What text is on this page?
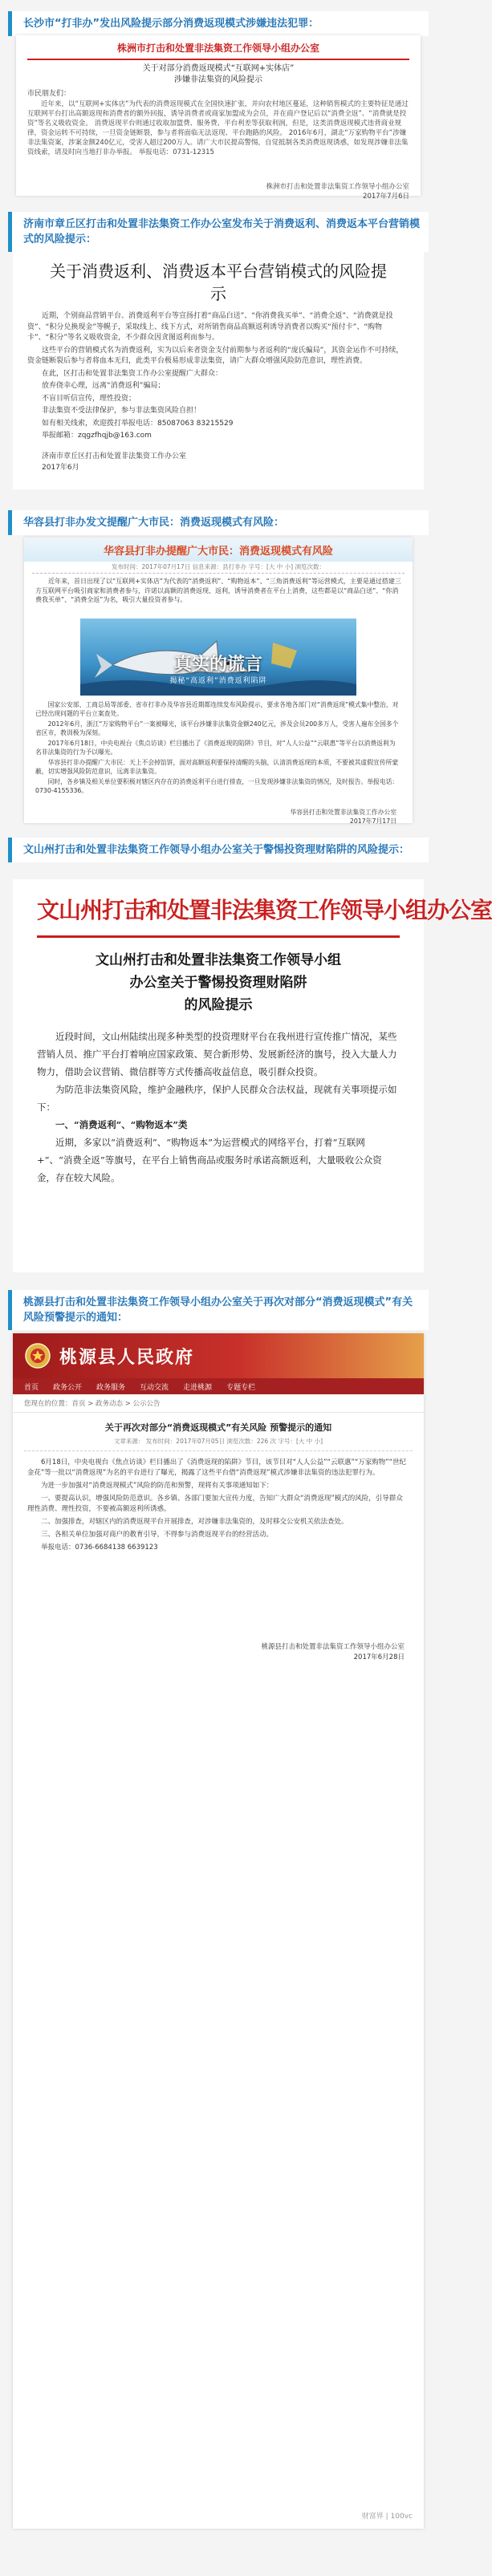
长沙市“打非办”发出风险提示部分消费返现模式涉嫌违法犯罪：
株洲市打击和处置非法集资工作领导小组办公室
关于对部分消费返现模式“互联网+实体店”
涉嫌非法集资的风险提示
市民朋友们：
近年来，以“互联网+实体店”为代表的消费返现模式在全国快速扩张，并向农村地区蔓延，这种销售模式的主要特征是通过互联网平台打出高额返现和消费者的额外回报，诱导消费者或商家加盟成为会员，并在商户登记后以“消费全返”、“消费就是投资”等名义吸收资金。 消费返现平台则通过收取加盟费、服务费、平台利差等获取利润，但是，这类消费返现模式违背商业规律，资金运转不可持续，一旦资金链断裂，参与者将面临无法返现、平台跑路的风险。 2016年6月，湖北“万家购物平台”涉嫌非法集资案，涉案金额240亿元，受害人超过200万人。请广大市民提高警惕，自觉抵制各类消费返现诱惑，如发现涉嫌非法集资线索，请及时向当地打非办举报。 举报电话：0731-12315
株洲市打击和处置非法集资工作领导小组办公室
2017年7月6日
济南市章丘区打击和处置非法集资工作办公室发布关于消费返利、消费返本平台营销模式的风险提示：
关于消费返利、消费返本平台营销模式的风险提示

近期，个别商品营销平台、消费返利平台等宣扬打着“商品白送”、“你消费我买单”、“消费全返”、“消费就是投资”、“积分兑换现金”等幌子，采取线上、线下方式，对所销售商品高额返利诱导消费者以购买“预付卡”、“购物卡”、“积分”等名义吸收资金，不少群众因贪图返利而参与。

这些平台的营销模式名为消费返利，实为以后来者资金支付前期参与者返利的“庞氏骗局”，其资金运作不可持续，资金链断裂后参与者将血本无归，此类平台极易形成非法集资，请广大群众增强风险防范意识，理性消费。

在此，区打击和处置非法集资工作办公室提醒广大群众：

放弃侥幸心理，远离“消费返利”骗局；

不盲目听信宣传，理性投资；

非法集资不受法律保护，参与非法集资风险自担！

如有相关线索，欢迎拨打举报电话：85087063 83215529

举报邮箱：zqgzfhqjb@163.com

济南市章丘区打击和处置非法集资工作办公室
2017年6月
华容县打非办发文提醒广大市民：消费返现模式有风险：
华容县打非办提醒广大市民：消费返现模式有风险
发布时间：2017年07月17日 信息来源：县打非办 字号：[大 中 小] 浏览次数：
近年来，首日出现了以“互联网+实体店”为代表的“消费返利”、“购物返本”、“三角消费返利”等运营模式，主要是通过搭建三方互联网平台吸引商家和消费者参与，许诺以高额的消费返现、返利，诱导消费者在平台上消费，这些都是以“商品白送”、“你消费我买单”、“消费全返”为名，吸引大量投资者参与。
真实的谎言
揭秘“高返利”消费返利陷阱

国家公安部、工商总局等部委、省市打非办及华容县近期都连续发布风险提示，要求各地各部门对“消费返现”模式集中整治，对已经出现问题的平台立案查处。

2012年6月，浙江“万家购物平台”一案被曝光，该平台涉嫌非法集资金额240亿元，涉及会员200多万人，受害人遍布全国多个省区市，教训极为深刻。

2017年6月18日，中央电视台《焦点访谈》栏目播出了《消费返现的陷阱》节目，对“人人公益”“云联惠”等平台以消费返利为名非法集资的行为予以曝光。

华容县打非办提醒广大市民：天上不会掉馅饼，面对高额返利要保持清醒的头脑，认清消费返现的本质，不要被其虚假宣传所蒙蔽，切实增强风险防范意识，远离非法集资。

同时，各乡镇及相关单位要积极对辖区内存在的消费返利平台进行排查，一旦发现涉嫌非法集资的情况，及时报告。举报电话：0730-4155336。

华容县打击和处置非法集资工作办公室
2017年7月17日
文山州打击和处置非法集资工作领导小组办公室关于警惕投资理财陷阱的风险提示：
文山州打击和处置非法集资工作领导小组办公室
文山州打击和处置非法集资工作领导小组
办公室关于警惕投资理财陷阱
的风险提示

近段时间，文山州陆续出现多种类型的投资理财平台在我州进行宣传推广情况，某些营销人员、推广平台打着响应国家政策、契合新形势、发展新经济的旗号，投入大量人力物力，借助会议营销、微信群等方式传播高收益信息，吸引群众投资。

为防范非法集资风险，维护金融秩序，保护人民群众合法权益，现就有关事项提示如下：

一、“消费返利”、“购物返本”类

近期，多家以“消费返利”、“购物返本”为运营模式的网络平台，打着“互联网+”、“消费全返”等旗号，在平台上销售商品或服务时承诺高额返利，大量吸收公众资金，存在较大风险。

桃源县打击和处置非法集资工作领导小组办公室关于再次对部分“消费返现模式”有关风险预警提示的通知：
桃源县人民政府
首页 政务公开 政务服务 互动交流 走进桃源 专题专栏
您现在的位置：首页 > 政务动态 > 公示公告
关于再次对部分“消费返现模式”有关风险 预警提示的通知
文章来源： 发布时间：2017年07月05日 浏览次数：226 次 字号：[大 中 小]

6月18日，中央电视台《焦点访谈》栏目播出了《消费返现的陷阱》节目，该节目对“人人公益”“云联惠”“万家购物”“世纪金花”等一批以“消费返现”为名的平台进行了曝光，揭露了这些平台借“消费返现”模式涉嫌非法集资的违法犯罪行为。

为进一步加强对“消费返现模式”风险的防范和预警，现将有关事项通知如下：

一、要提高认识，增强风险防范意识。各乡镇、各部门要加大宣传力度，告知广大群众“消费返现”模式的风险，引导群众理性消费、理性投资，不要被高额返利所诱惑。

二、加强排查，对辖区内的消费返现平台开展排查，对涉嫌非法集资的，及时移交公安机关依法查处。

三、各相关单位加强对商户的教育引导，不得参与消费返现平台的经营活动。

举报电话：0736-6684138 6639123

桃源县打击和处置非法集资工作领导小组办公室
2017年6月28日
财富界 | 100vc
